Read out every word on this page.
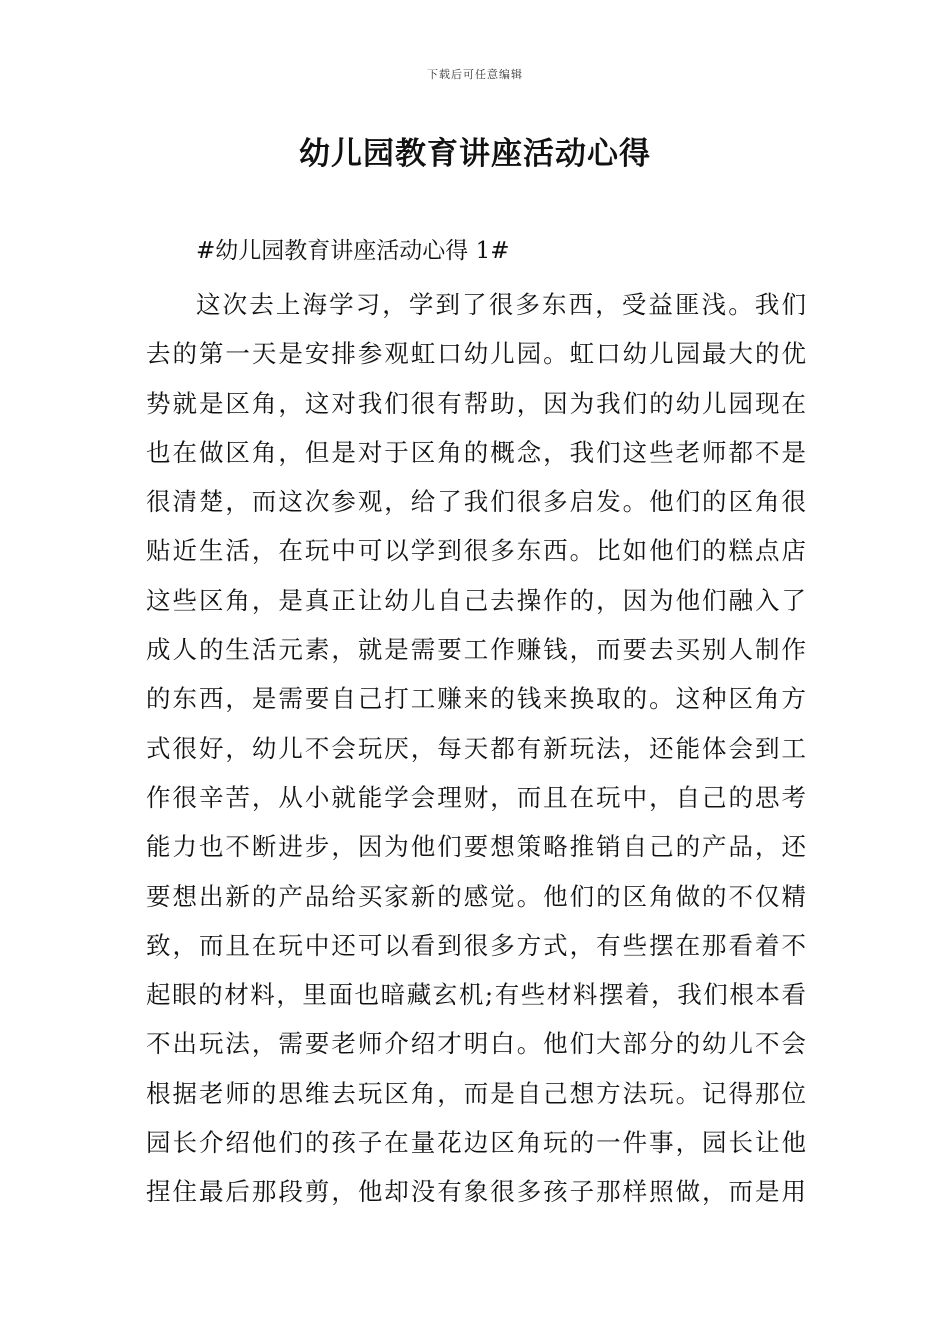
下载后可任意编辑
幼儿园教育讲座活动心得

#幼儿园教育讲座活动心得 1#

这次去上海学习，学到了很多东西，受益匪浅。我们
去的第一天是安排参观虹口幼儿园。虹口幼儿园最大的优
势就是区角，这对我们很有帮助，因为我们的幼儿园现在
也在做区角，但是对于区角的概念，我们这些老师都不是
很清楚，而这次参观，给了我们很多启发。他们的区角很
贴近生活，在玩中可以学到很多东西。比如他们的糕点店
这些区角，是真正让幼儿自己去操作的，因为他们融入了
成人的生活元素，就是需要工作赚钱，而要去买别人制作
的东西，是需要自己打工赚来的钱来换取的。这种区角方
式很好，幼儿不会玩厌，每天都有新玩法，还能体会到工
作很辛苦，从小就能学会理财，而且在玩中，自己的思考
能力也不断进步，因为他们要想策略推销自己的产品，还
要想出新的产品给买家新的感觉。他们的区角做的不仅精
致，而且在玩中还可以看到很多方式，有些摆在那看着不
起眼的材料，里面也暗藏玄机;有些材料摆着，我们根本看
不出玩法，需要老师介绍才明白。他们大部分的幼儿不会
根据老师的思维去玩区角，而是自己想方法玩。记得那位
园长介绍他们的孩子在量花边区角玩的一件事，园长让他
捏住最后那段剪，他却没有象很多孩子那样照做，而是用
